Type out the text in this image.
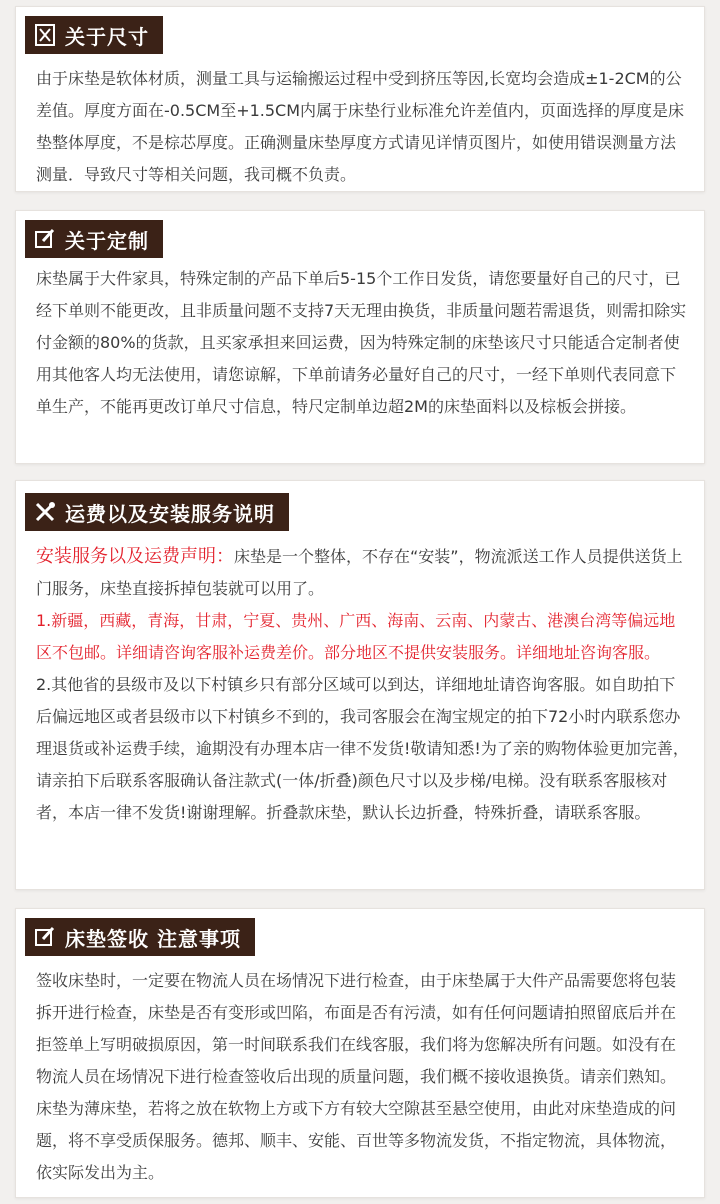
关于尺寸

由于床垫是软体材质，测量工具与运输搬运过程中受到挤压等因,长宽均会造成±1-2CM的公差值。厚度方面在-0.5CM至+1.5CM内属于床垫行业标准允许差值内，页面选择的厚度是床垫整体厚度，不是棕芯厚度。正确测量床垫厚度方式请见详情页图片，如使用错误测量方法测量．导致尺寸等相关问题，我司概不负责。

关于定制

床垫属于大件家具，特殊定制的产品下单后5-15个工作日发货，请您要量好自己的尺寸，已经下单则不能更改，且非质量问题不支持7天无理由换货，非质量问题若需退货，则需扣除实付金额的80%的货款，且买家承担来回运费，因为特殊定制的床垫该尺寸只能适合定制者使用其他客人均无法使用，请您谅解，下单前请务必量好自己的尺寸，一经下单则代表同意下单生产，不能再更改订单尺寸信息，特尺定制单边超2M的床垫面料以及棕板会拼接。

运费以及安装服务说明

安装服务以及运费声明：床垫是一个整体，不存在“安装”，物流派送工作人员提供送货上门服务，床垫直接拆掉包装就可以用了。

1.新疆，西藏，青海，甘肃，宁夏、贵州、广西、海南、云南、内蒙古、港澳台湾等偏远地区不包邮。详细请咨询客服补运费差价。部分地区不提供安装服务。详细地址咨询客服。

2.其他省的县级市及以下村镇乡只有部分区域可以到达，详细地址请咨询客服。如自助拍下后偏远地区或者县级市以下村镇乡不到的，我司客服会在淘宝规定的拍下72小时内联系您办理退货或补运费手续，逾期没有办理本店一律不发货!敬请知悉!为了亲的购物体验更加完善，请亲拍下后联系客服确认备注款式(一体/折叠)颜色尺寸以及步梯/电梯。没有联系客服核对者，本店一律不发货!谢谢理解。折叠款床垫，默认长边折叠，特殊折叠，请联系客服。

床垫签收 注意事项

签收床垫时，一定要在物流人员在场情况下进行检查，由于床垫属于大件产品需要您将包装拆开进行检查，床垫是否有变形或凹陷，布面是否有污渍，如有任何问题请拍照留底后并在拒签单上写明破损原因，第一时间联系我们在线客服，我们将为您解决所有问题。如没有在物流人员在场情况下进行检查签收后出现的质量问题，我们概不接收退换货。请亲们熟知。床垫为薄床垫，若将之放在软物上方或下方有较大空隙甚至悬空使用，由此对床垫造成的问题，将不享受质保服务。德邦、顺丰、安能、百世等多物流发货，不指定物流，具体物流，依实际发出为主。
